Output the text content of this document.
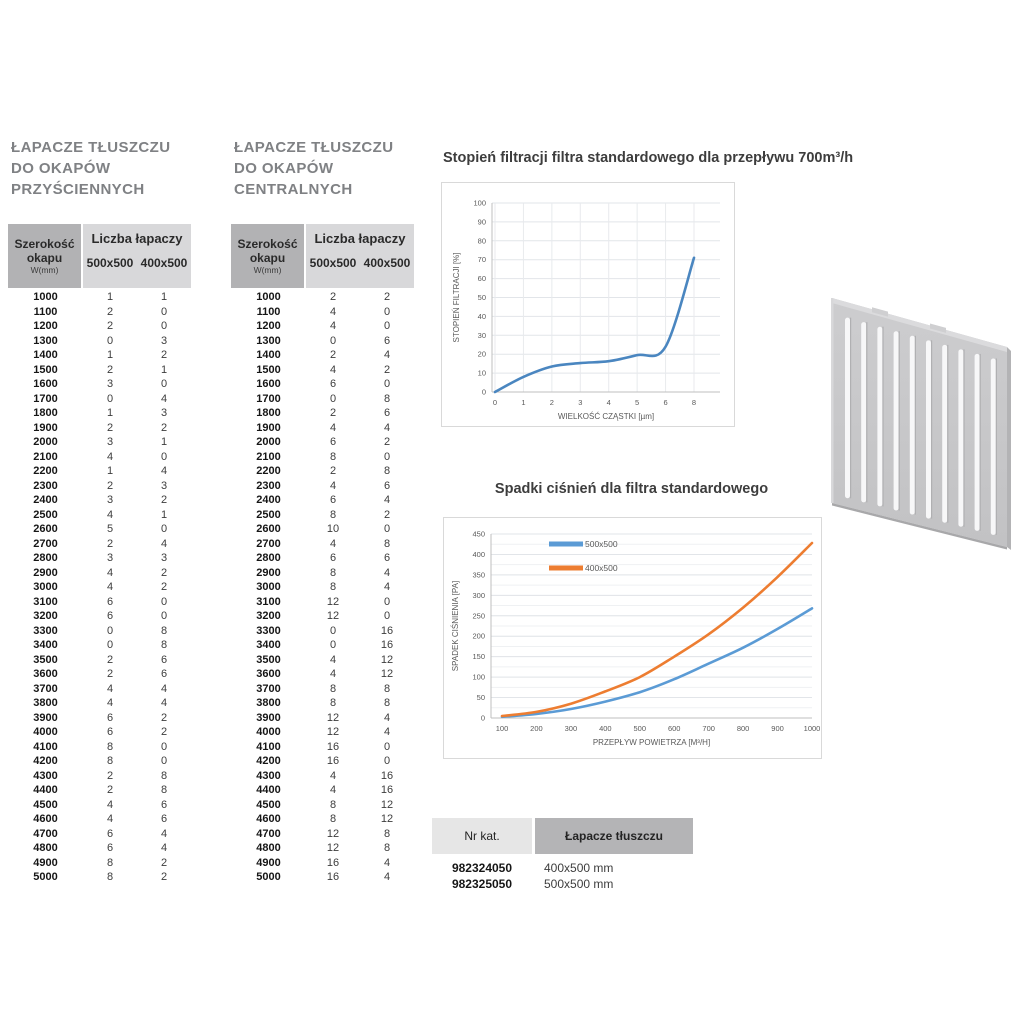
ŁAPACZE TŁUSZCZU
DO OKAPÓW
PRZYŚCIENNYCH
Szerokość
okapu
W(mm)	Liczba łapaczy	
	500x500	400x500
1000	1	1
1100	2	0
1200	2	0
1300	0	3
1400	1	2
1500	2	1
1600	3	0
1700	0	4
1800	1	3
1900	2	2
2000	3	1
2100	4	0
2200	1	4
2300	2	3
2400	3	2
2500	4	1
2600	5	0
2700	2	4
2800	3	3
2900	4	2
3000	4	2
3100	6	0
3200	6	0
3300	0	8
3400	0	8
3500	2	6
3600	2	6
3700	4	4
3800	4	4
3900	6	2
4000	6	2
4100	8	0
4200	8	0
4300	2	8
4400	2	8
4500	4	6
4600	4	6
4700	6	4
4800	6	4
4900	8	2
5000	8	2
ŁAPACZE TŁUSZCZU
DO OKAPÓW
CENTRALNYCH
Szerokość
okapu
W(mm)	Liczba łapaczy	
	500x500	400x500
1000	2	2
1100	4	0
1200	4	0
1300	0	6
1400	2	4
1500	4	2
1600	6	0
1700	0	8
1800	2	6
1900	4	4
2000	6	2
2100	8	0
2200	2	8
2300	4	6
2400	6	4
2500	8	2
2600	10	0
2700	4	8
2800	6	6
2900	8	4
3000	8	4
3100	12	0
3200	12	0
3300	0	16
3400	0	16
3500	4	12
3600	4	12
3700	8	8
3800	8	8
3900	12	4
4000	12	4
4100	16	0
4200	16	0
4300	4	16
4400	4	16
4500	8	12
4600	8	12
4700	12	8
4800	12	8
4900	16	4
5000	16	4
Stopień filtracji filtra standardowego dla przepływu 700m³/h
0
10
20
30
40
50
60
70
80
90
100
0	1	2	3	4	5	6	8
WIELKOŚĆ CZĄSTKI [µm]
STOPIEŃ FILTRACJI [%]
Spadki ciśnień dla filtra standardowego
0
50
100
150
200
250
300
350
400
450
100	200	300	400	500	600	700	800	900	1000
PRZEPŁYW POWIETRZA [M³/H]
SPADEK CIŚNIENIA [PA]
500x500
400x500
Nr kat.	Łapacze tłuszczu
982324050	400x500 mm
982325050	500x500 mm
